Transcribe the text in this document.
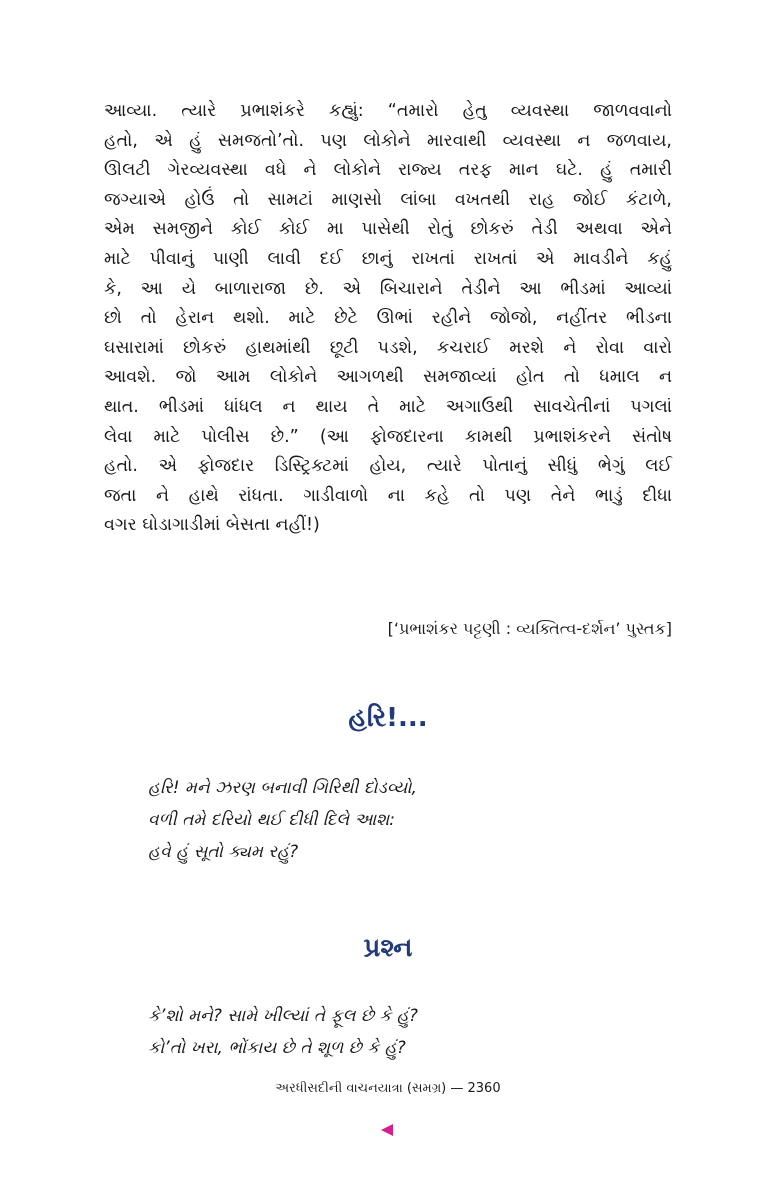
આવ્યા. ત્યારે પ્રભાશંકરે કહ્યું: “તમારો હેતુ વ્યવસ્થા જાળવવાનો
હતો, એ હું સમજતો’તો. પણ લોકોને મારવાથી વ્યવસ્થા ન જળવાય,
ઊલટી ગેરવ્યવસ્થા વધે ને લોકોને રાજ્ય તરફ માન ઘટે. હું તમારી
જગ્યાએ હોઉં તો સામટાં માણસો લાંબા વખતથી રાહ જોઈ કંટાળે,
એમ સમજીને કોઈ કોઈ મા પાસેથી રોતું છોકરું તેડી અથવા એને
માટે પીવાનું પાણી લાવી દઈ છાનું રાખતાં રાખતાં એ માવડીને કહું
કે, આ યે બાળારાજા છે. એ બિચારાને તેડીને આ ભીડમાં આવ્યાં
છો તો હેરાન થશો. માટે છેટે ઊભાં રહીને જોજો, નહીંતર ભીડના
ઘસારામાં છોકરું હાથમાંથી છૂટી પડશે, કચરાઈ મરશે ને રોવા વારો
આવશે. જો આમ લોકોને આગળથી સમજાવ્યાં હોત તો ધમાલ ન
થાત. ભીડમાં ધાંધલ ન થાય તે માટે અગાઉથી સાવચેતીનાં પગલાં
લેવા માટે પોલીસ છે.” (આ ફોજદારના કામથી પ્રભાશંકરને સંતોષ
હતો. એ ફોજદાર ડિસ્ટ્રિક્ટમાં હોય, ત્યારે પોતાનું સીધું ભેગું લઈ
જતા ને હાથે રાંધતા. ગાડીવાળો ના કહે તો પણ તેને ભાડું દીધા
વગર ઘોડાગાડીમાં બેસતા નહીં!)
[‘પ્રભાશંકર પટ્ટણી : વ્યક્તિત્વ-દર્શન’ પુસ્તક]
હરિ!...
હરિ! મને ઝરણ બનાવી ગિરિથી દોડવ્યો,
વળી તમે દરિયો થઈ દીધી દિલે આશ:
હવે હું સૂતો ક્યમ રહું?
પ્રશ્ન
કે’શો મને? સામે ખીલ્યાં તે ફૂલ છે કે હું?
કો’તો ખરા, ભોંકાય છે તે શૂળ છે કે હું?
અરધીસદીની વાચનયાત્રા (સમગ્ર) — 2360
